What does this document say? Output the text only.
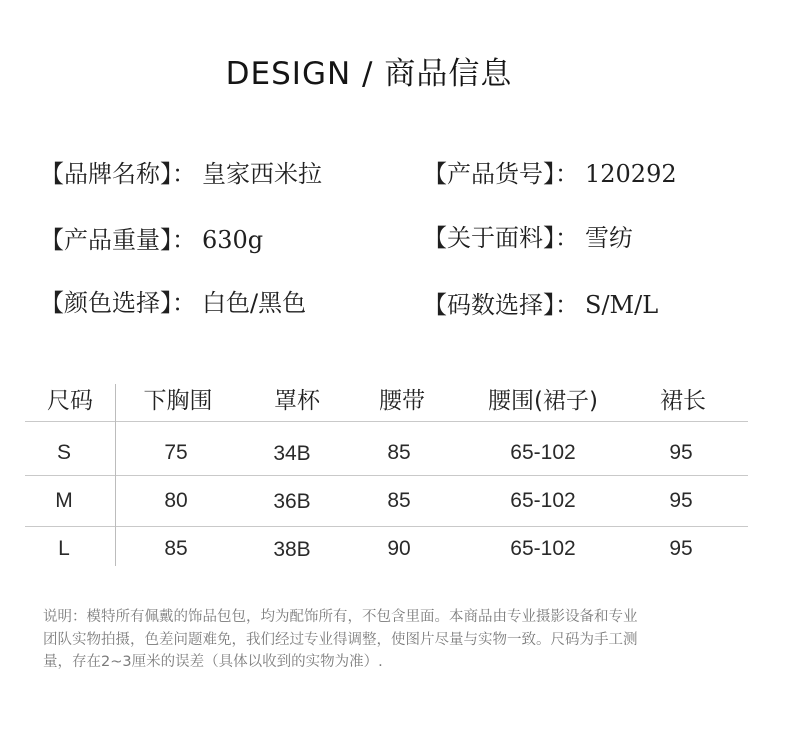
DESIGN / 商品信息
【品牌名称】： 皇家西米拉	【产品货号】： 120292
【产品重量】： 630g	【关于面料】： 雪纺
【颜色选择】： 白色/黑色	【码数选择】： S/M/L
尺码 下胸围	罩杯	腰带	腰围(裙子)	裙长
S	75	34B	85	65-102	95
M	80	36B	85	65-102	95
L	85	38B	90	65-102	95
说明：模特所有佩戴的饰品包包，均为配饰所有，不包含里面。本商品由专业摄影设备和专业
团队实物拍摄，色差问题难免，我们经过专业得调整，使图片尽量与实物一致。尺码为手工测
量，存在2~3厘米的误差（具体以收到的实物为准）.
